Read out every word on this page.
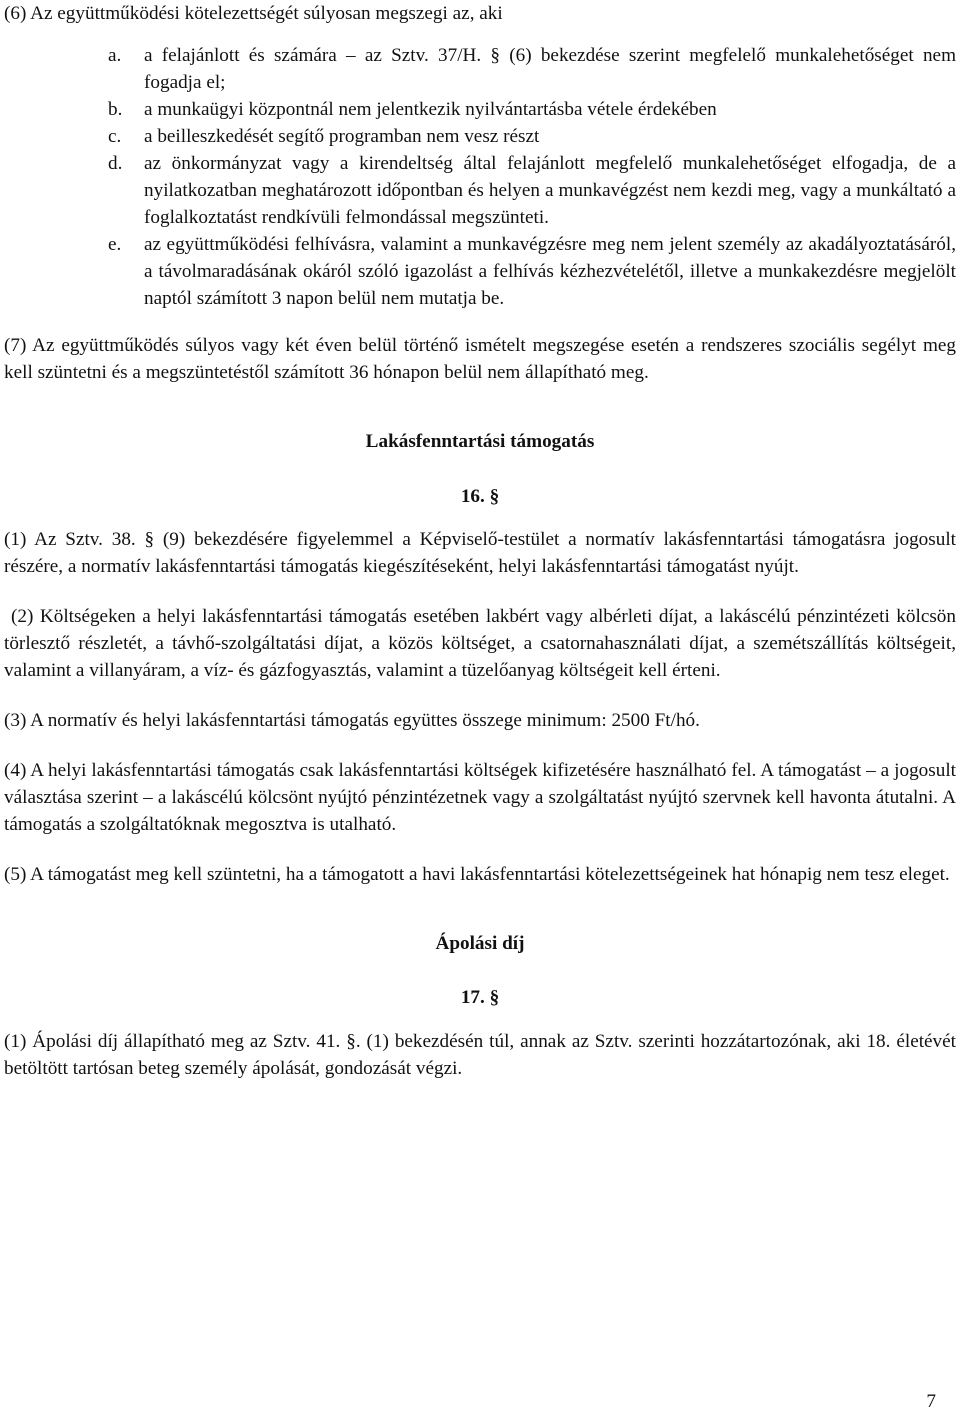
(6) Az együttműködési kötelezettségét súlyosan megszegi az, aki

a.	a felajánlott és számára – az Sztv. 37/H. § (6) bekezdése szerint megfelelő munkalehetőséget nem fogadja el;
b.	a munkaügyi központnál nem jelentkezik nyilvántartásba vétele érdekében
c.	a beilleszkedését segítő programban nem vesz részt
d.	az önkormányzat vagy a kirendeltség által felajánlott megfelelő munkalehetőséget elfogadja, de a nyilatkozatban meghatározott időpontban és helyen a munkavégzést nem kezdi meg, vagy a munkáltató a foglalkoztatást rendkívüli felmondással megszünteti.
e.	az együttműködési felhívásra, valamint a munkavégzésre meg nem jelent személy az akadályoztatásáról, a távolmaradásának okáról szóló igazolást a felhívás kézhezvételétől, illetve a munkakezdésre megjelölt naptól számított 3 napon belül nem mutatja be.

(7) Az együttműködés súlyos vagy két éven belül történő ismételt megszegése esetén a rendszeres szociális segélyt meg kell szüntetni és a megszüntetéstől számított 36 hónapon belül nem állapítható meg.

Lakásfenntartási támogatás

16. §

(1) Az Sztv. 38. § (9) bekezdésére figyelemmel a Képviselő-testület a normatív lakásfenntartási támogatásra jogosult részére, a normatív lakásfenntartási támogatás kiegészítéseként, helyi lakásfenntartási támogatást nyújt.

(2) Költségeken a helyi lakásfenntartási támogatás esetében lakbért vagy albérleti díjat, a lakáscélú pénzintézeti kölcsön törlesztő részletét, a távhő-szolgáltatási díjat, a közös költséget, a csatornahasználati díjat, a szemétszállítás költségeit, valamint a villanyáram, a víz- és gázfogyasztás, valamint a tüzelőanyag költségeit kell érteni.

(3) A normatív és helyi lakásfenntartási támogatás együttes összege minimum: 2500 Ft/hó.

(4) A helyi lakásfenntartási támogatás csak lakásfenntartási költségek kifizetésére használható fel. A támogatást – a jogosult választása szerint – a lakáscélú kölcsönt nyújtó pénzintézetnek vagy a szolgáltatást nyújtó szervnek kell havonta átutalni. A támogatás a szolgáltatóknak megosztva is utalható.

(5) A támogatást meg kell szüntetni, ha a támogatott a havi lakásfenntartási kötelezettségeinek hat hónapig nem tesz eleget.

Ápolási díj

17. §

(1) Ápolási díj állapítható meg az Sztv. 41. §. (1) bekezdésén túl, annak az Sztv. szerinti hozzátartozónak, aki 18. életévét betöltött tartósan beteg személy ápolását, gondozását végzi.

7
